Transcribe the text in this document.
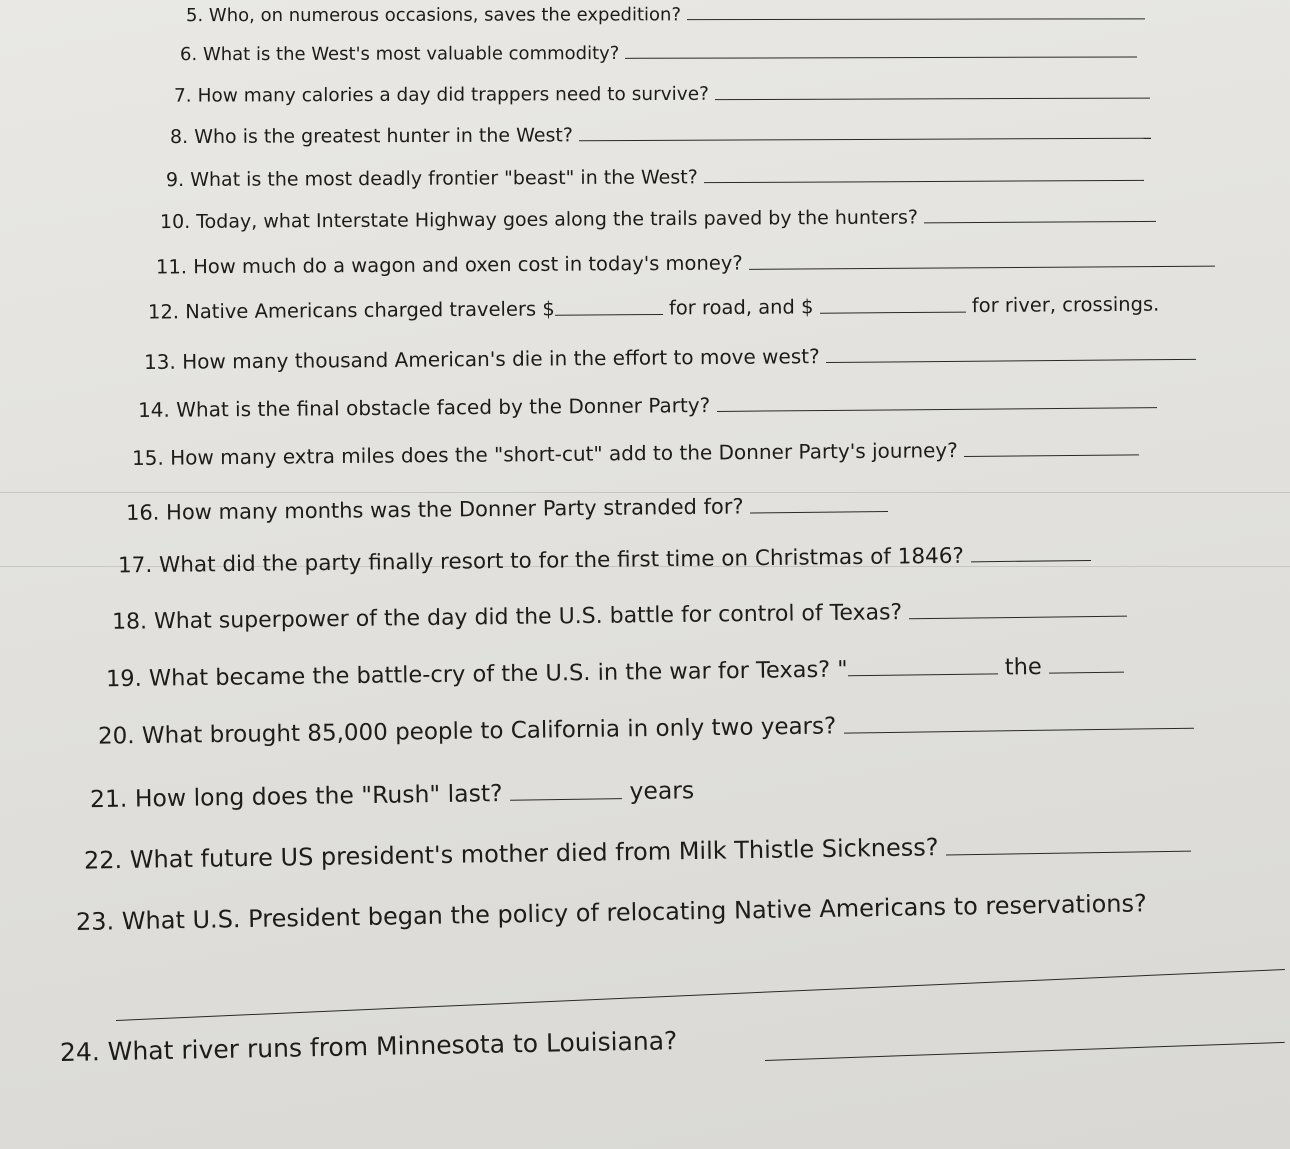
5. Who, on numerous occasions, saves the expedition?
6. What is the West's most valuable commodity?
7. How many calories a day did trappers need to survive?
8. Who is the greatest hunter in the West?
9. What is the most deadly frontier "beast" in the West?
10. Today, what Interstate Highway goes along the trails paved by the hunters?
11. How much do a wagon and oxen cost in today's money?
12. Native Americans charged travelers $	for road, and $	for river, crossings.
13. How many thousand American's die in the effort to move west?
14. What is the final obstacle faced by the Donner Party?
15. How many extra miles does the "short-cut" add to the Donner Party's journey?
16. How many months was the Donner Party stranded for?
17. What did the party finally resort to for the first time on Christmas of 1846?
18. What superpower of the day did the U.S. battle for control of Texas?
19. What became the battle-cry of the U.S. in the war for Texas? "	the
20. What brought 85,000 people to California in only two years?
21. How long does the "Rush" last?	years
22. What future US president's mother died from Milk Thistle Sickness?
23. What U.S. President began the policy of relocating Native Americans to reservations?
24. What river runs from Minnesota to Louisiana?
